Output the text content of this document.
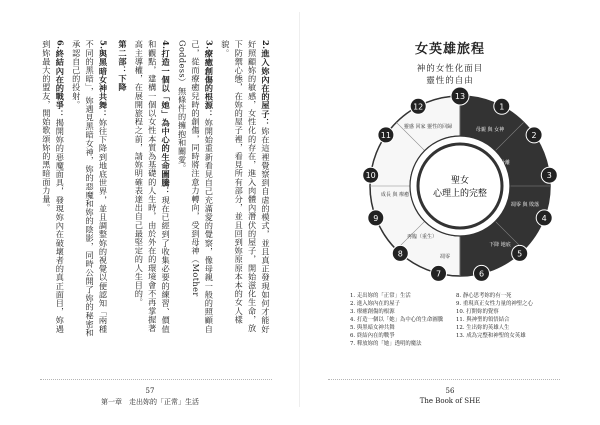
2.進入妳內在的屋子：妳在這裡覺察到自虐的模式，並且真正發現如何才能好好照顧妳的敏感，女性化的存在，進入肉體內潛伏的屋子，開始滋化生命，放下防禦心態，在妳的屋子裡，看見所有部分，並且回到妳原原本本的女人樣貌。

3.療癒創傷的根源：妳開始重新看見自己充滿愛的覺察，像母親一般的照顧自己，從而療癒兒時的創傷，同時將注意力轉向，受到母神（Mother Goddess）無條件的擁抱和關愛。

4.打造一個以「她」為中心的生命圖騰：現在已經到了收集必要的練習、價值和觀點，建構一個以女性本質為基礎的人生時，由於外在的環境會不再掌握著高主導權，在展開旅程之前，請妳明確表達出自己最堅定的人生目的。

第二部：下降

5.與黑暗女神共舞：妳往下降到地底世界，並且調整妳的視覺以便認知「兩種不同的黑暗」，妳遇見黑暗女神，妳的惡魔和妳的陰影，同時公開了妳的秘密和承認自己的投射。

6.終結內在的戰爭：揭開妳的惡魔面具，發現妳內在破壞者的真正面目，妳遇到妳最大的盟友，開始歌頌妳的黑暗面力量。

57
第一章　走出妳的「正常」生活
女英雄旅程
神的女性化面目
靈性的自由
聖女
心理上的完整
靈感 回家 靈性的回歸
分離
凋零 與 敗落
成長 與 療癒
再臨（重生）
下降 地底
凋零
母親 與 女神
13
1
2
3
4
5
6
7
8
9
10
11
12
1. 走出妳的「正常」生活
2. 進入妳內在的屋子
3. 療癒創傷的根源
4. 打造一個以「她」為中心的生命圖騰
5. 與黑暗女神共舞
6. 終結內在的戰爭
7. 釋放妳的「她」透明的魔法
8. 靜心思考妳的有一死
9. 重現真正女性力量的神聖之心
10. 打開妳的覺察
11. 與神聖的領悟結合
12. 生出妳的英雄人生
13. 成為完整和神聖的女英雄
56
The Book of SHE
